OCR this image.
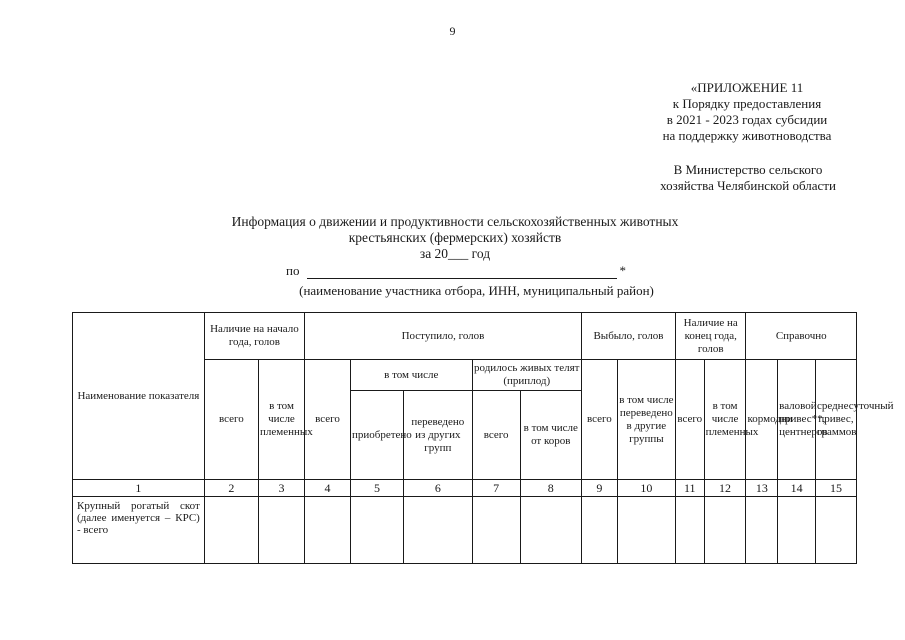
9
«ПРИЛОЖЕНИЕ 11
к Порядку предоставления
в 2021 - 2023 годах субсидии
на поддержку животноводства
В Министерство сельского
хозяйства Челябинской области
Информация о движении и продуктивности сельскохозяйственных животных
крестьянских (фермерских) хозяйств
за 20___ год
по	*
(наименование участника отбора, ИНН, муниципальный район)
Наименование показателя	Наличие на начало года, голов		Поступило, голов					Выбыло, голов		Наличие на конец года, голов		Справочно		
	всего	в том числе племенных	всего	в том числе		родилось живых телят (приплод)		всего	в том числе переведено в другие группы	всего	в том числе племенных	кормодни	валовой привес**, центнеров	среднесуточный привес, граммов
				приобретено	переведено из других групп	всего	в том числе от коров							
1	2	3	4	5	6	7	8	9	10	11	12	13	14	15
Крупный рогатый скот (далее именуется – КРС) - всего														
